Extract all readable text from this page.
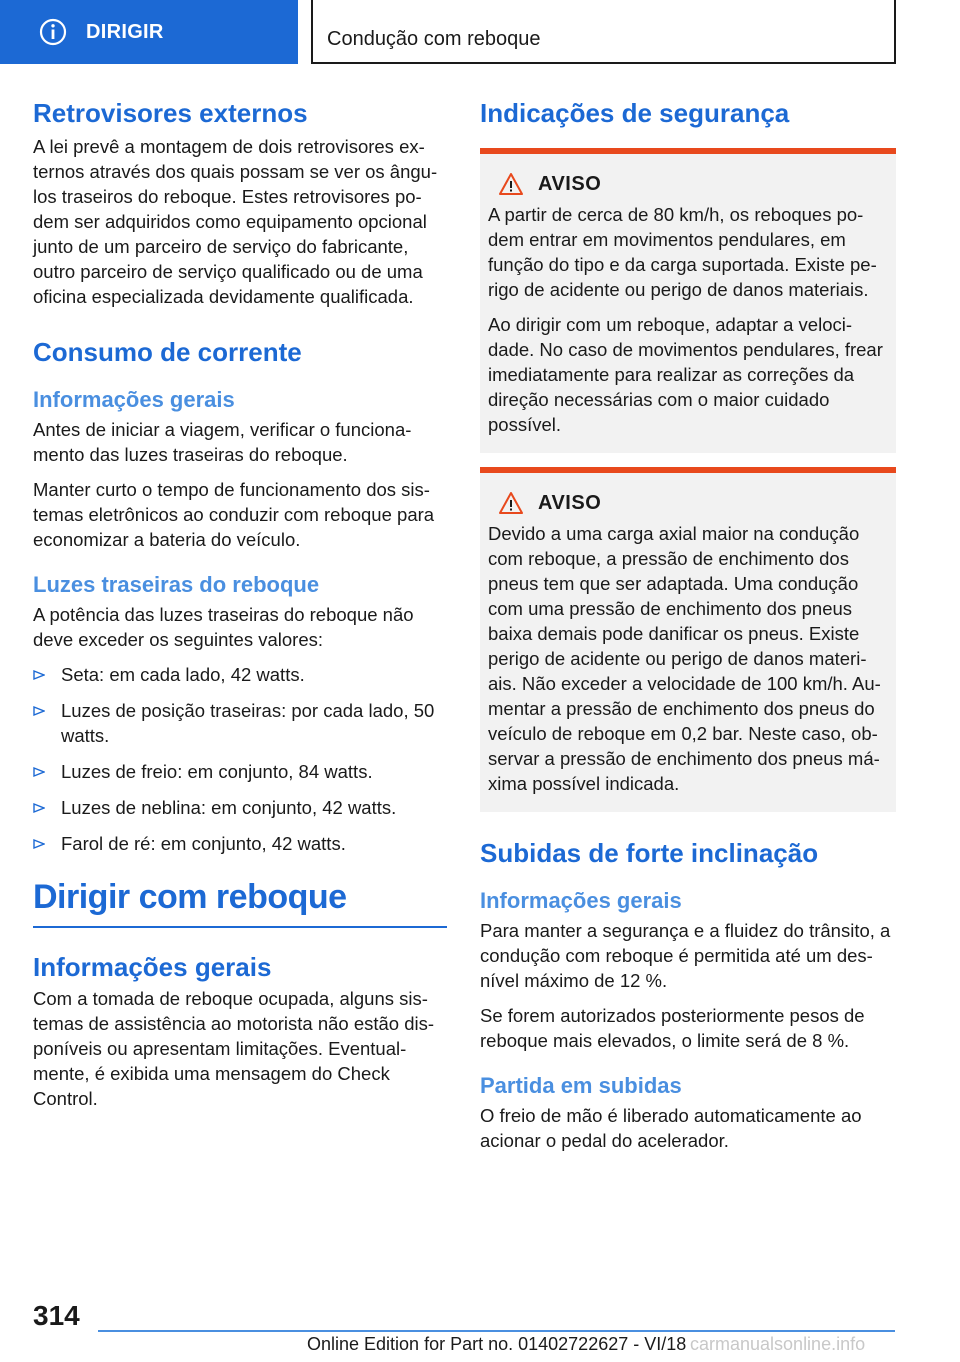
DIRIGIR	Condução com reboque
Retrovisores externos
A lei prevê a montagem de dois retrovisores ex-ternos através dos quais possam se ver os ângu-los traseiros do reboque. Estes retrovisores po-dem ser adquiridos como equipamento opcional junto de um parceiro de serviço do fabricante, outro parceiro de serviço qualificado ou de uma oficina especializada devidamente qualificada.
Consumo de corrente
Informações gerais
Antes de iniciar a viagem, verificar o funciona-mento das luzes traseiras do reboque.
Manter curto o tempo de funcionamento dos sis-temas eletrônicos ao conduzir com reboque para economizar a bateria do veículo.
Luzes traseiras do reboque
A potência das luzes traseiras do reboque não deve exceder os seguintes valores:
Seta: em cada lado, 42 watts.
Luzes de posição traseiras: por cada lado, 50 watts.
Luzes de freio: em conjunto, 84 watts.
Luzes de neblina: em conjunto, 42 watts.
Farol de ré: em conjunto, 42 watts.
Dirigir com reboque
Informações gerais
Com a tomada de reboque ocupada, alguns sis-temas de assistência ao motorista não estão dis-poníveis ou apresentam limitações. Eventual-mente, é exibida uma mensagem do Check Control.
Indicações de segurança
AVISO
A partir de cerca de 80 km/h, os reboques po-dem entrar em movimentos pendulares, em função do tipo e da carga suportada. Existe pe-rigo de acidente ou perigo de danos materiais.
Ao dirigir com um reboque, adaptar a veloci-dade. No caso de movimentos pendulares, frear imediatamente para realizar as correções da direção necessárias com o maior cuidado possível.
AVISO
Devido a uma carga axial maior na condução com reboque, a pressão de enchimento dos pneus tem que ser adaptada. Uma condução com uma pressão de enchimento dos pneus baixa demais pode danificar os pneus. Existe perigo de acidente ou perigo de danos materi-ais. Não exceder a velocidade de 100 km/h. Au-mentar a pressão de enchimento dos pneus do veículo de reboque em 0,2 bar. Neste caso, ob-servar a pressão de enchimento dos pneus má-xima possível indicada.
Subidas de forte inclinação
Informações gerais
Para manter a segurança e a fluidez do trânsito, a condução com reboque é permitida até um des-nível máximo de 12 %.
Se forem autorizados posteriormente pesos de reboque mais elevados, o limite será de 8 %.
Partida em subidas
O freio de mão é liberado automaticamente ao acionar o pedal do acelerador.
314
Online Edition for Part no. 01402722627 - VI/18 carmanualsonline.info
